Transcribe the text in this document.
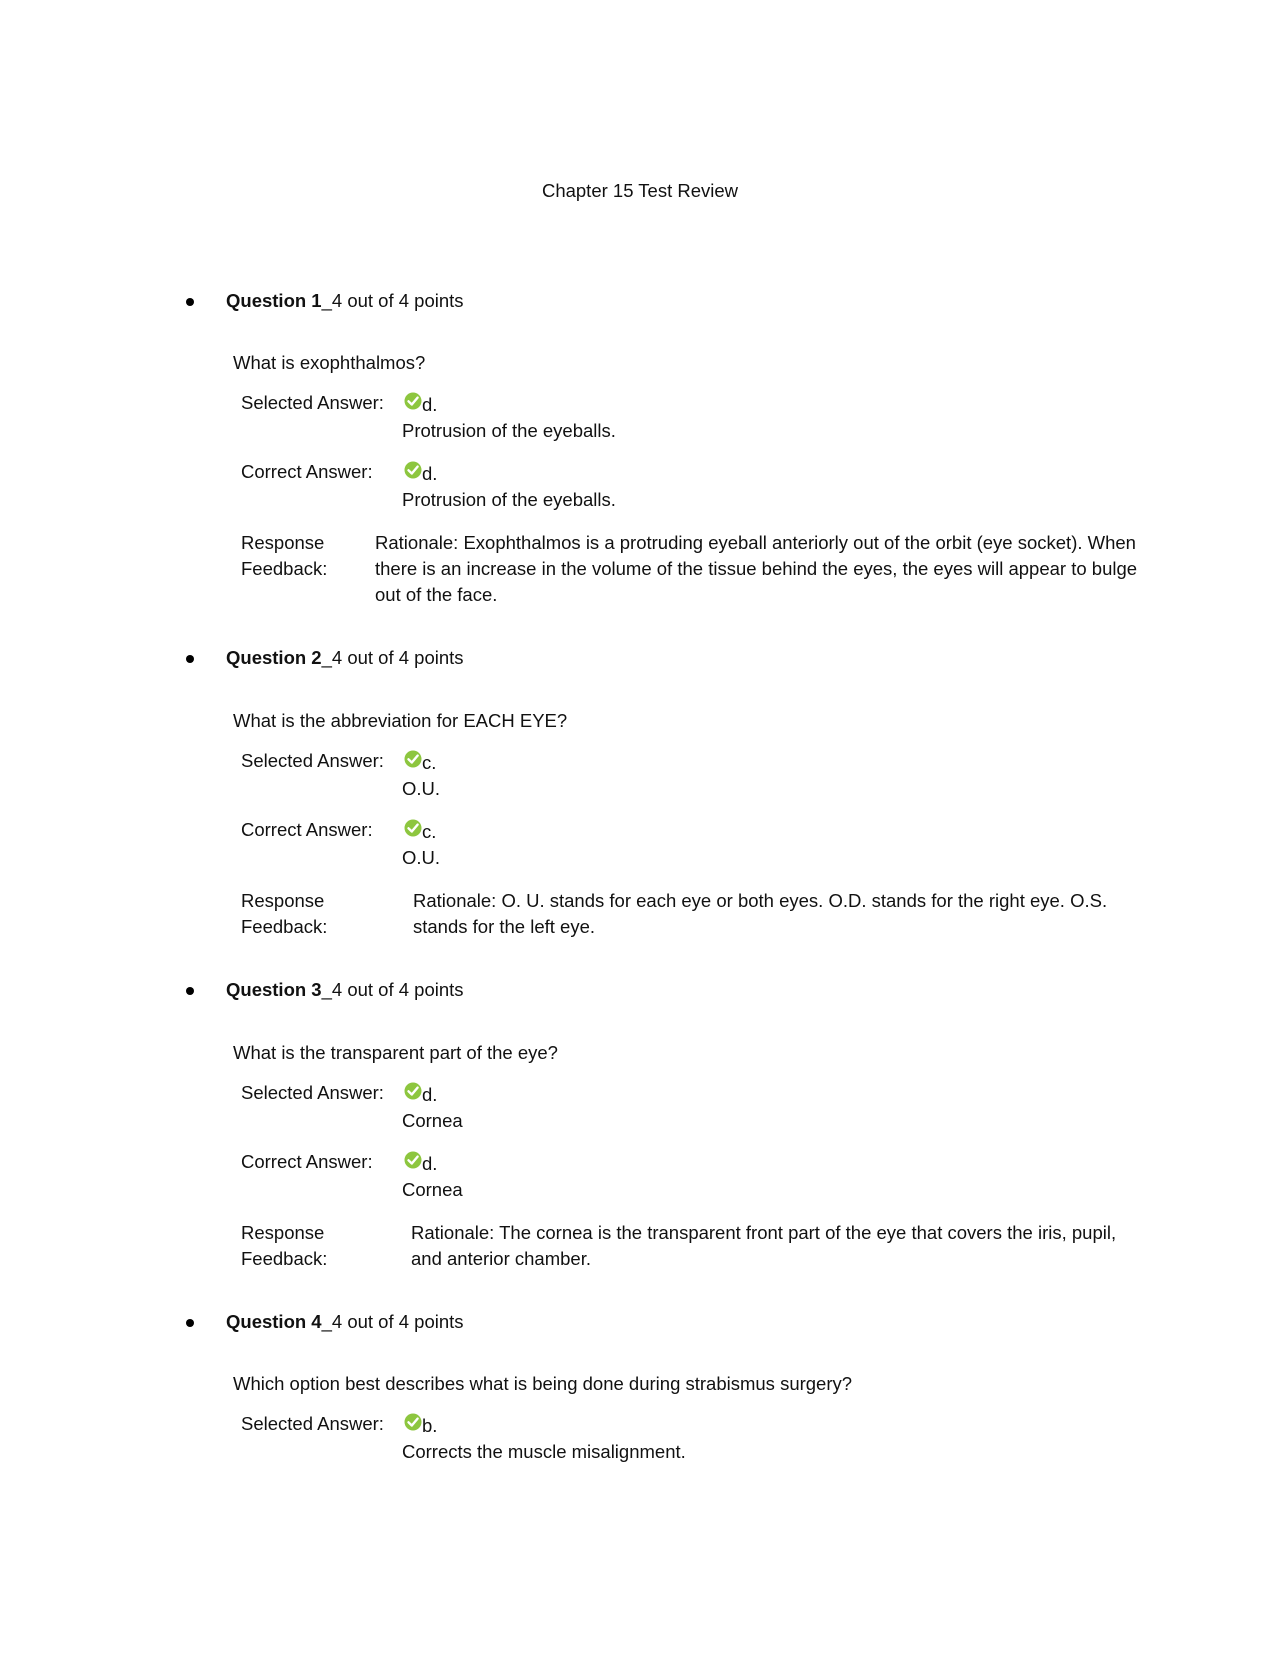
Chapter 15 Test Review
Question 1_4 out of 4 points
What is exophthalmos?
Selected Answer: d.
Protrusion of the eyeballs.
Correct Answer:	d.
Protrusion of the eyeballs.
Response
Feedback:
Rationale: Exophthalmos is a protruding eyeball anteriorly out of the orbit (eye socket). When
there is an increase in the volume of the tissue behind the eyes, the eyes will appear to bulge
out of the face.
Question 2_4 out of 4 points
What is the abbreviation for EACH EYE?
Selected Answer: c.
O.U.
Correct Answer:	c.
O.U.
Response
Feedback:
Rationale: O. U. stands for each eye or both eyes. O.D. stands for the right eye. O.S.
stands for the left eye.
Question 3_4 out of 4 points
What is the transparent part of the eye?
Selected Answer: d.
Cornea
Correct Answer:	d.
Cornea
Response
Feedback:
Rationale: The cornea is the transparent front part of the eye that covers the iris, pupil,
and anterior chamber.
Question 4_4 out of 4 points
Which option best describes what is being done during strabismus surgery?
Selected Answer: b.
Corrects the muscle misalignment.
